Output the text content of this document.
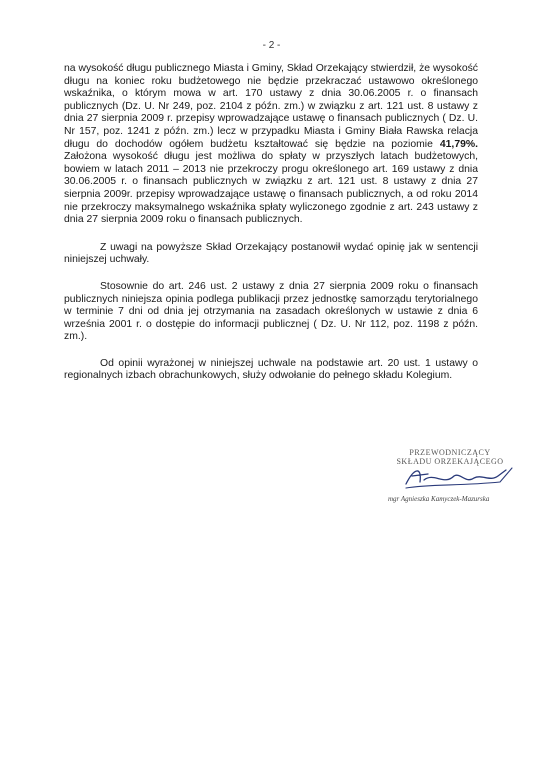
- 2 -

na wysokość długu publicznego Miasta i Gminy, Skład Orzekający stwierdził, że wysokość długu na koniec roku budżetowego nie będzie przekraczać ustawowo określonego wskaźnika, o którym mowa w art. 170 ustawy z dnia 30.06.2005 r. o finansach publicznych (Dz. U. Nr 249, poz. 2104 z późn. zm.) w związku z art. 121 ust. 8 ustawy z dnia 27 sierpnia 2009 r. przepisy wprowadzające ustawę o finansach publicznych ( Dz. U. Nr 157, poz. 1241 z późn. zm.) lecz w przypadku Miasta i Gminy Biała Rawska relacja długu do dochodów ogółem budżetu kształtować się będzie na poziomie 41,79%. Założona wysokość długu jest możliwa do spłaty w przyszłych latach budżetowych, bowiem w latach 2011 – 2013 nie przekroczy progu określonego art. 169 ustawy z dnia 30.06.2005 r. o finansach publicznych w związku z art. 121 ust. 8 ustawy z dnia 27 sierpnia 2009r. przepisy wprowadzające ustawę o finansach publicznych, a od roku 2014 nie przekroczy maksymalnego wskaźnika spłaty wyliczonego zgodnie z art. 243 ustawy z dnia 27 sierpnia 2009 roku o finansach publicznych.

Z uwagi na powyższe Skład Orzekający postanowił wydać opinię jak w sentencji niniejszej uchwały.

Stosownie do art. 246 ust. 2 ustawy z dnia 27 sierpnia 2009 roku o finansach publicznych niniejsza opinia podlega publikacji przez jednostkę samorządu terytorialnego w terminie 7 dni od dnia jej otrzymania na zasadach określonych w ustawie z dnia 6 września 2001 r. o dostępie do informacji publicznej ( Dz. U. Nr 112, poz. 1198 z późn. zm.).

Od opinii wyrażonej w niniejszej uchwale na podstawie art. 20 ust. 1 ustawy o regionalnych izbach obrachunkowych, służy odwołanie do pełnego składu Kolegium.

PRZEWODNICZĄCY
SKŁADU ORZEKAJĄCEGO
mgr Agnieszka Kamyczek-Mazurska
